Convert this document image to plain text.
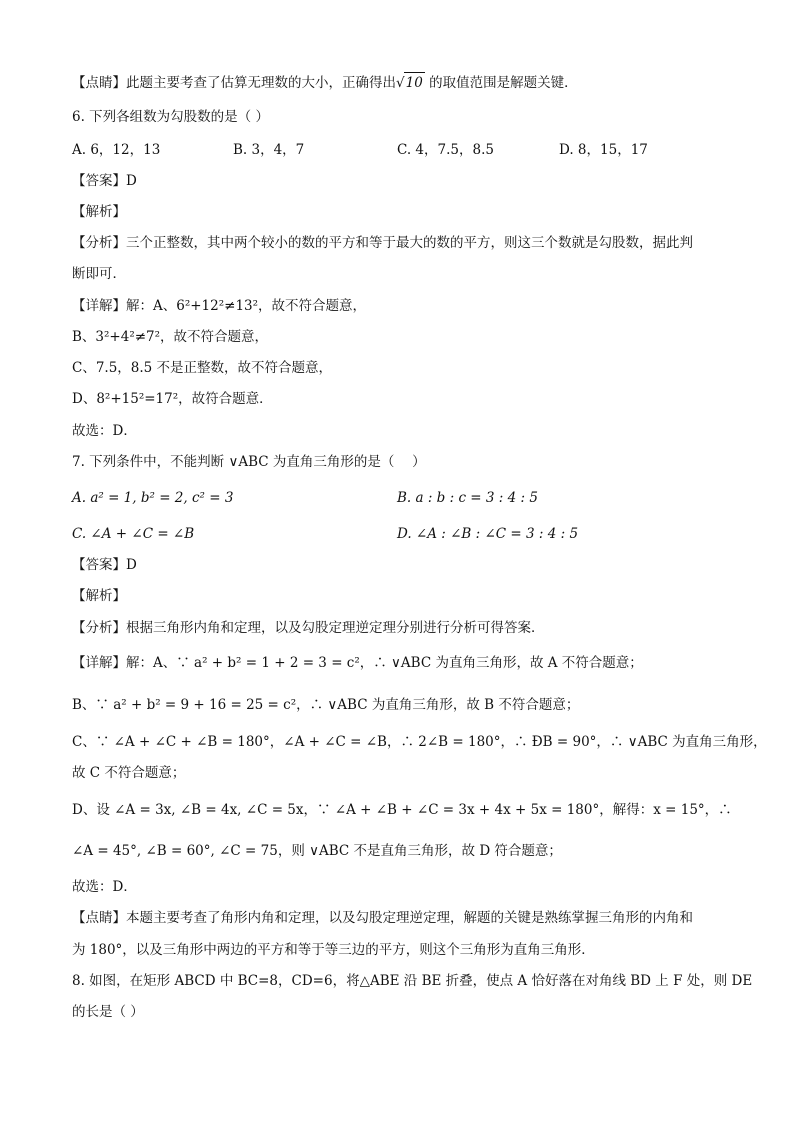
【点睛】此题主要考查了估算无理数的大小，正确得出√10 的取值范围是解题关键．
6. 下列各组数为勾股数的是（ ）
A. 6，12，13	B. 3，4，7	C. 4，7.5，8.5	D. 8，15，17
【答案】D
【解析】
【分析】三个正整数，其中两个较小的数的平方和等于最大的数的平方，则这三个数就是勾股数，据此判
断即可．
【详解】解：A、6²+12²≠13²，故不符合题意，
B、3²+4²≠7²，故不符合题意，
C、7.5，8.5 不是正整数，故不符合题意，
D、8²+15²=17²，故符合题意．
故选：D．
7. 下列条件中，不能判断 ∨ABC 为直角三角形的是（　 ）
A. a² = 1, b² = 2, c² = 3	B. a : b : c = 3 : 4 : 5
C. ∠A + ∠C = ∠B	D. ∠A : ∠B : ∠C = 3 : 4 : 5
【答案】D
【解析】
【分析】根据三角形内角和定理，以及勾股定理逆定理分别进行分析可得答案．
【详解】解：A、∵ a² + b² = 1 + 2 = 3 = c²，∴ ∨ABC 为直角三角形，故 A 不符合题意；
B、∵ a² + b² = 9 + 16 = 25 = c²，∴ ∨ABC 为直角三角形，故 B 不符合题意；
C、∵ ∠A + ∠C + ∠B = 180°，∠A + ∠C = ∠B，∴ 2∠B = 180°，∴ ÐB = 90°，∴ ∨ABC 为直角三角形，
故 C 不符合题意；
D、设 ∠A = 3x, ∠B = 4x, ∠C = 5x，∵ ∠A + ∠B + ∠C = 3x + 4x + 5x = 180°，解得：x = 15°，∴
∠A = 45°, ∠B = 60°, ∠C = 75，则 ∨ABC 不是直角三角形，故 D 符合题意；
故选：D．
【点睛】本题主要考查了角形内角和定理，以及勾股定理逆定理，解题的关键是熟练掌握三角形的内角和
为 180°，以及三角形中两边的平方和等于等三边的平方，则这个三角形为直角三角形．
8. 如图，在矩形 ABCD 中 BC=8，CD=6，将△ABE 沿 BE 折叠，使点 A 恰好落在对角线 BD 上 F 处，则 DE
的长是（ ）
